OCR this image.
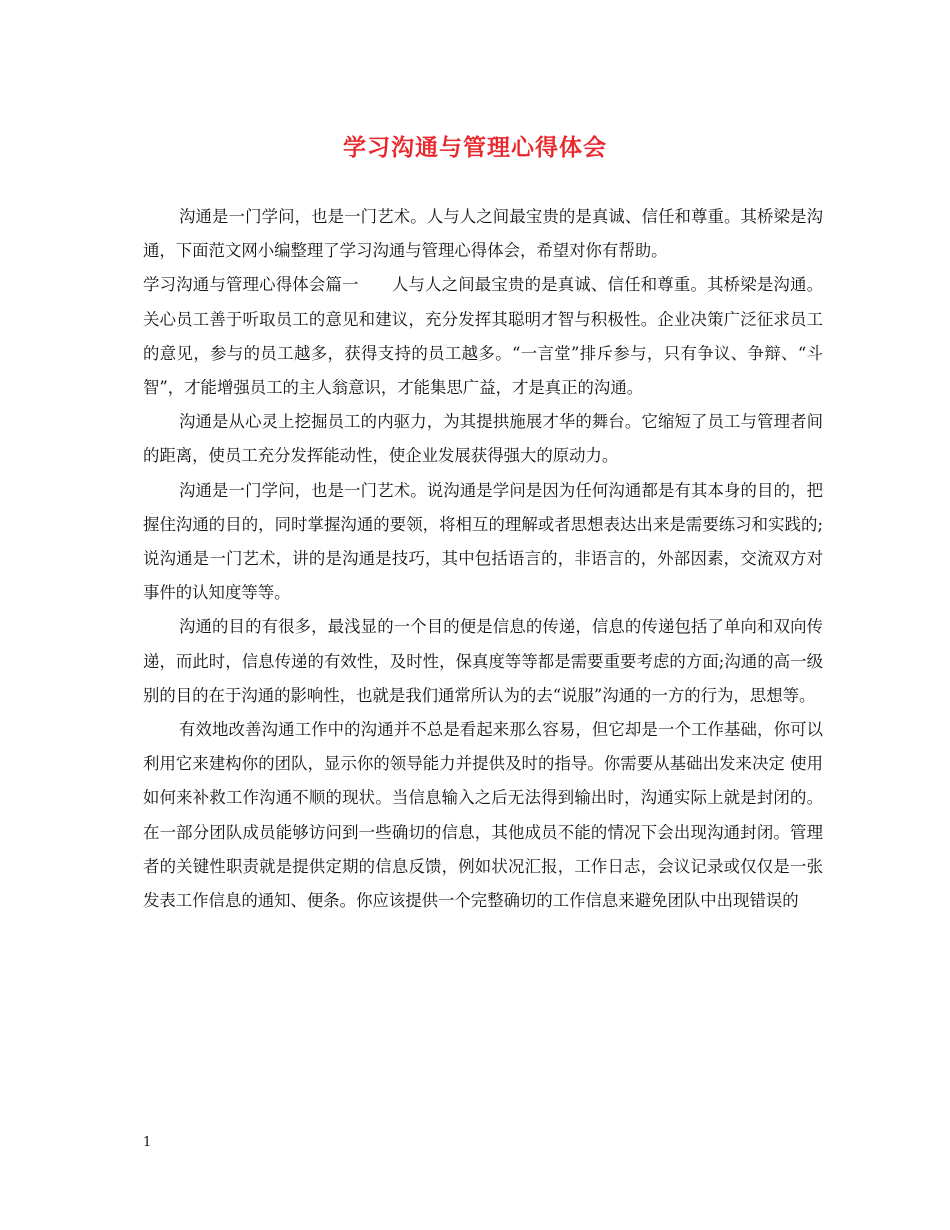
学习沟通与管理心得体会

沟通是一门学问，也是一门艺术。人与人之间最宝贵的是真诚、信任和尊重。其桥梁是沟通，下面范文网小编整理了学习沟通与管理心得体会，希望对你有帮助。

学习沟通与管理心得体会篇一　　人与人之间最宝贵的是真诚、信任和尊重。其桥梁是沟通。关心员工善于听取员工的意见和建议，充分发挥其聪明才智与积极性。企业决策广泛征求员工的意见，参与的员工越多，获得支持的员工越多。“一言堂”排斥参与，只有争议、争辩、“斗智”，才能增强员工的主人翁意识，才能集思广益，才是真正的沟通。

沟通是从心灵上挖掘员工的内驱力，为其提拱施展才华的舞台。它缩短了员工与管理者间的距离，使员工充分发挥能动性，使企业发展获得强大的原动力。

沟通是一门学问，也是一门艺术。说沟通是学问是因为任何沟通都是有其本身的目的，把握住沟通的目的，同时掌握沟通的要领，将相互的理解或者思想表达出来是需要练习和实践的;说沟通是一门艺术，讲的是沟通是技巧，其中包括语言的，非语言的，外部因素，交流双方对事件的认知度等等。

沟通的目的有很多，最浅显的一个目的便是信息的传递，信息的传递包括了单向和双向传递，而此时，信息传递的有效性，及时性，保真度等等都是需要重要考虑的方面;沟通的高一级别的目的在于沟通的影响性，也就是我们通常所认为的去“说服”沟通的一方的行为，思想等。

有效地改善沟通工作中的沟通并不总是看起来那么容易，但它却是一个工作基础，你可以利用它来建构你的团队，显示你的领导能力并提供及时的指导。你需要从基础出发来决定 使用如何来补救工作沟通不顺的现状。当信息输入之后无法得到输出时，沟通实际上就是封闭的。在一部分团队成员能够访问到一些确切的信息，其他成员不能的情况下会出现沟通封闭。管理者的关键性职责就是提供定期的信息反馈，例如状况汇报，工作日志，会议记录或仅仅是一张发表工作信息的通知、便条。你应该提供一个完整确切的工作信息来避免团队中出现错误的

1
